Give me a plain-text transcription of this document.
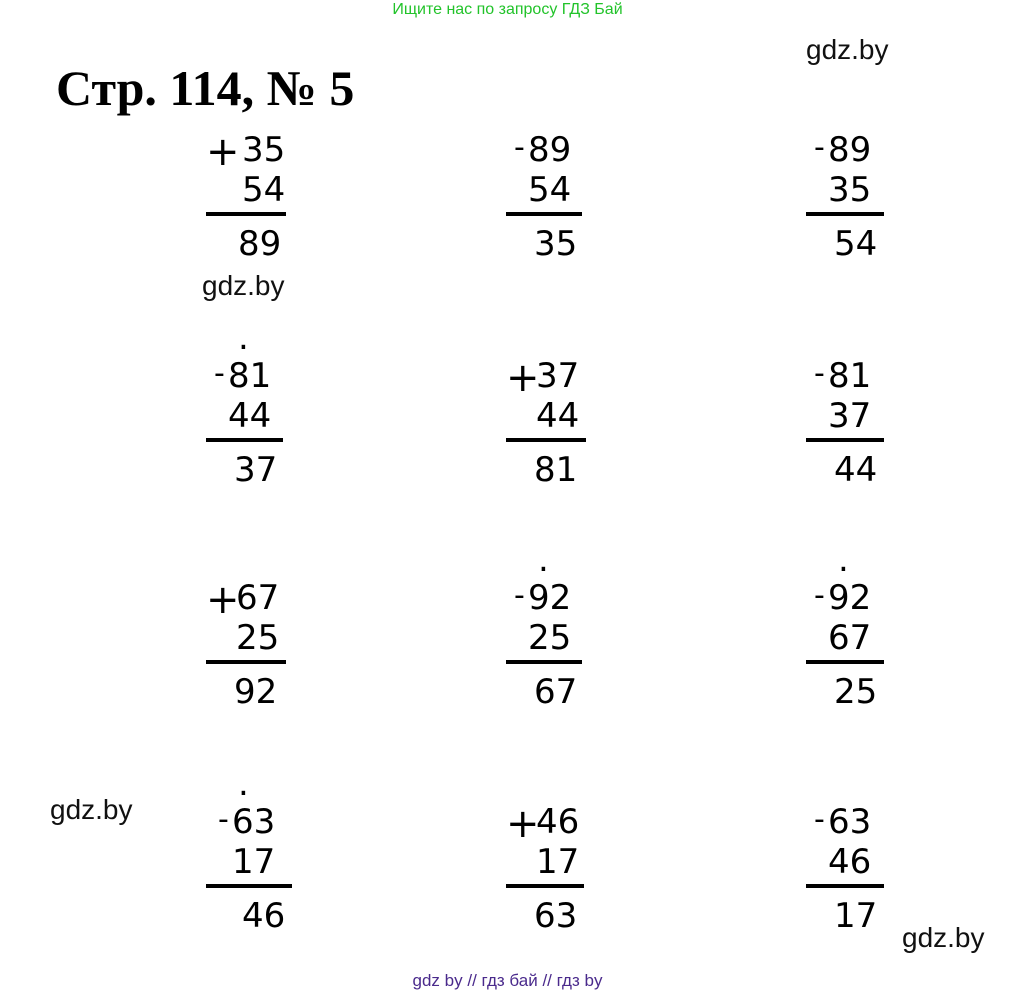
Ищите нас по запросу ГДЗ Бай
Стр. 114, № 5
gdz.by
gdz.by
gdz.by
gdz.by
+ 35
54
89
- 89
54
35
- 89
35
54
.
- 81
44
37
+
37
44
81
- 81
37
44
+
67
25
92
.
- 92
25
67
.
- 92
67
25
.
- 63
17
46
+
46
17
63
- 63
46
17
gdz by // гдз бай // гдз by
